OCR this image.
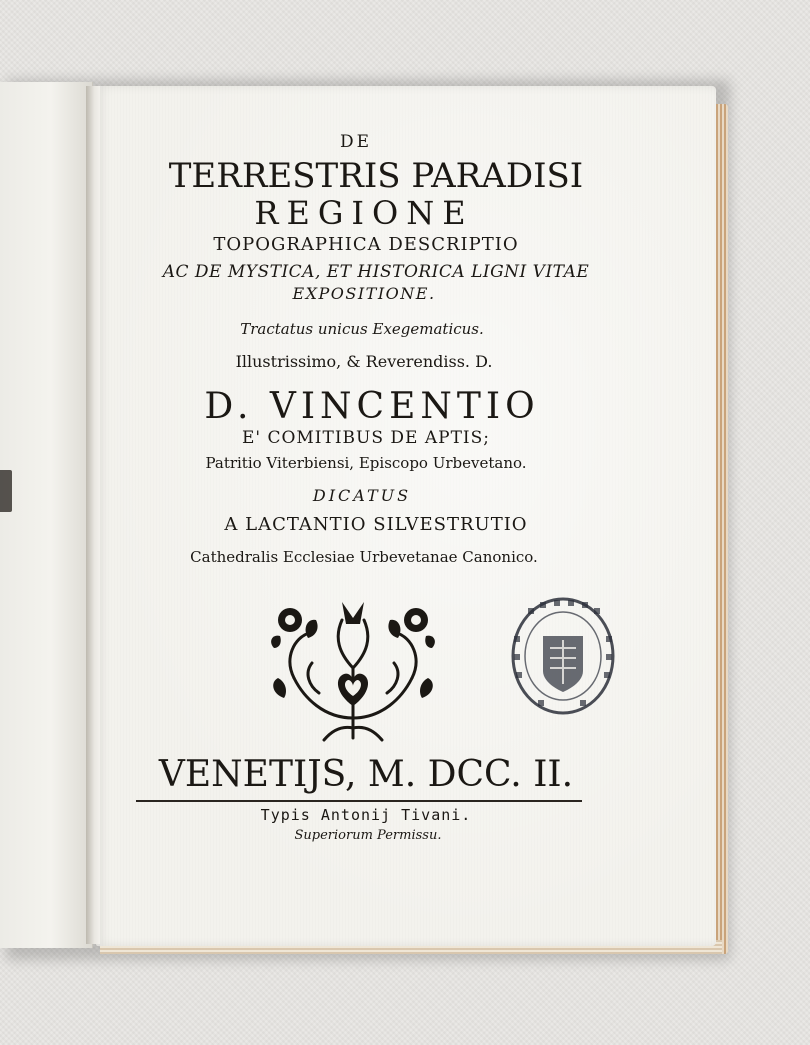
DE
TERRESTRIS PARADISI
REGIONE
TOPOGRAPHICA DESCRIPTIO
AC DE MYSTICA, ET HISTORICA LIGNI VITAE
EXPOSITIONE.
Tractatus unicus Exegematicus.
Illustrissimo, & Reverendiss. D.
D. VINCENTIO
E' COMITIBUS DE APTIS;
Patritio Viterbiensi, Episcopo Urbevetano.
DICATUS
A LACTANTIO SILVESTRUTIO
Cathedralis Ecclesiae Urbevetanae Canonico.
VENETIJS, M. DCC. II.
Typis Antonij Tivani.
Superiorum Permissu.
